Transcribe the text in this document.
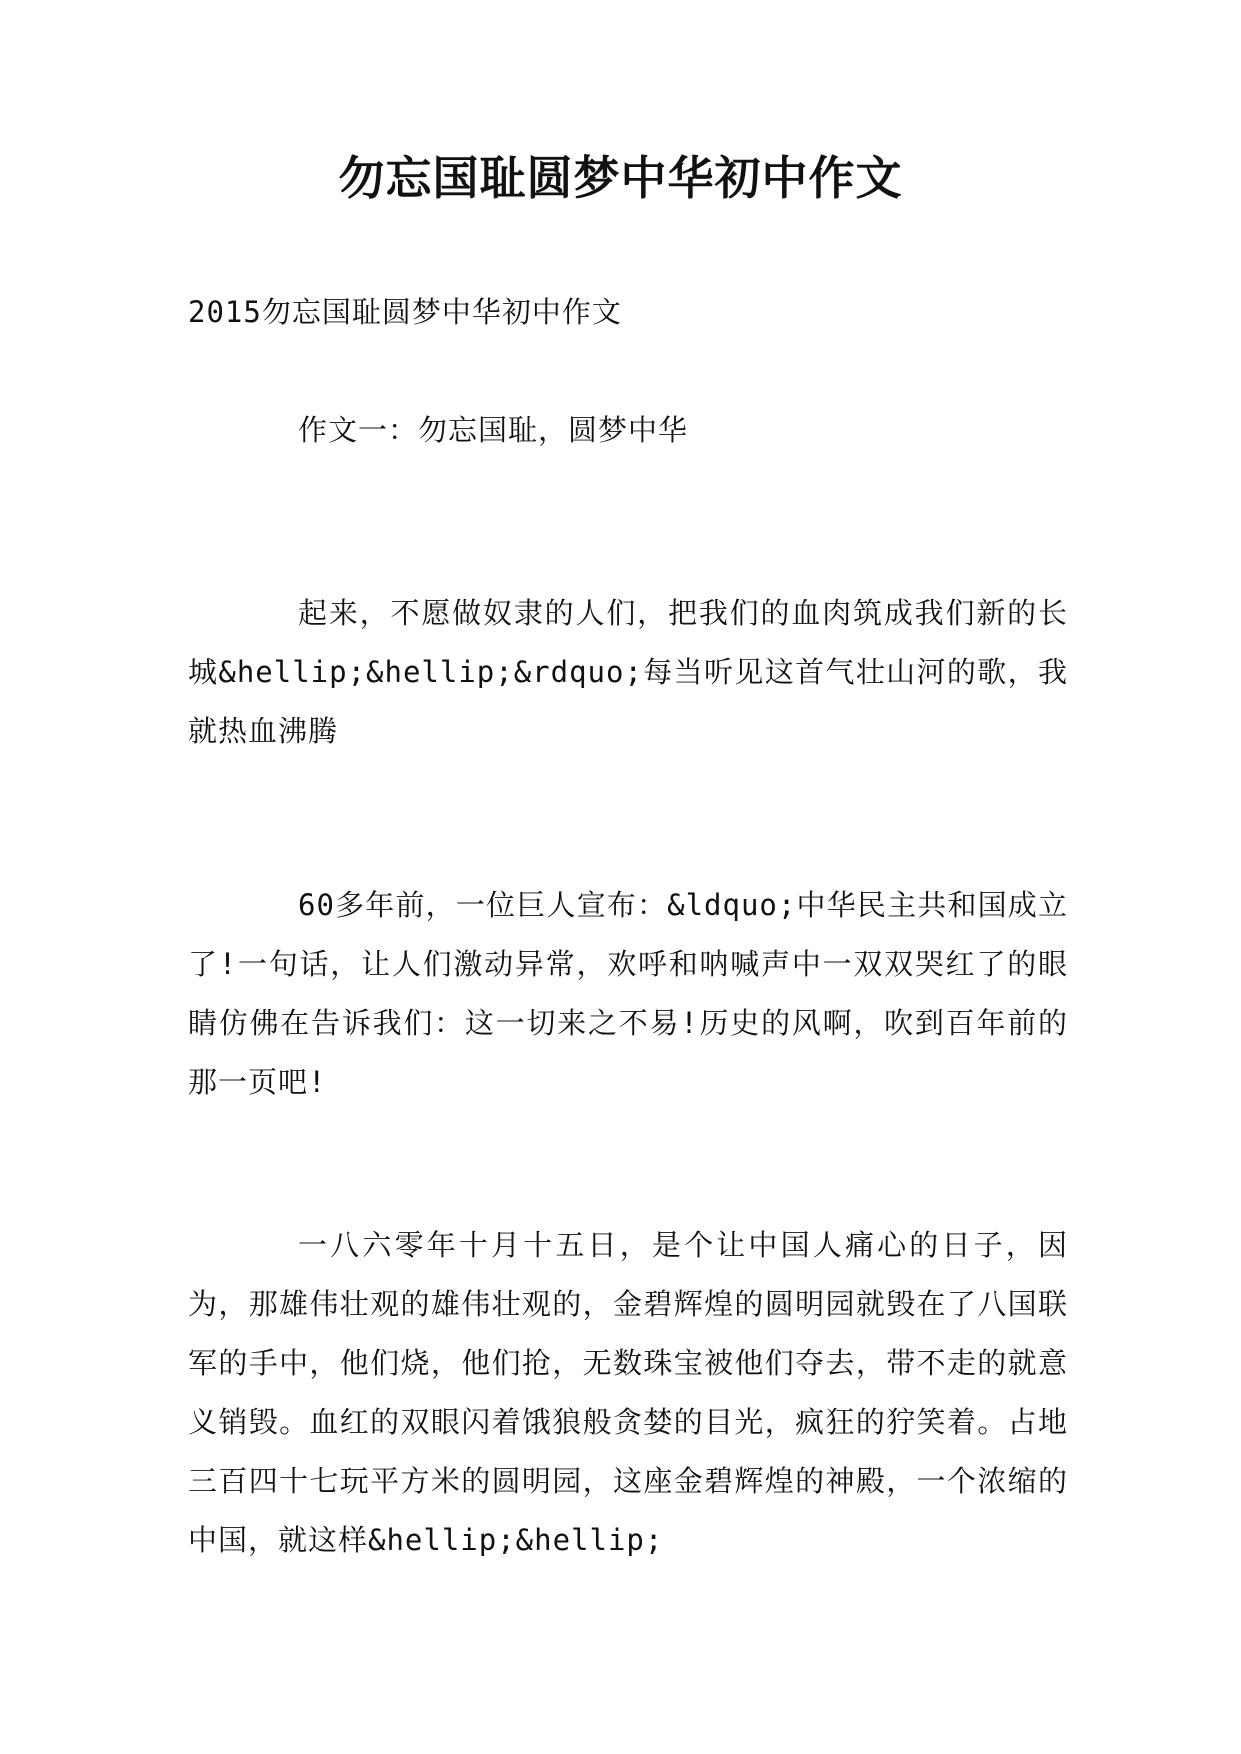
勿忘国耻圆梦中华初中作文

2015勿忘国耻圆梦中华初中作文

作文一：勿忘国耻，圆梦中华

起来，不愿做奴隶的人们，把我们的血肉筑成我们新的长城&hellip;&hellip;&rdquo;每当听见这首气壮山河的歌，我就热血沸腾

60多年前，一位巨人宣布：&ldquo;中华民主共和国成立了!一句话，让人们激动异常，欢呼和呐喊声中一双双哭红了的眼睛仿佛在告诉我们：这一切来之不易!历史的风啊，吹到百年前的那一页吧!

一八六零年十月十五日，是个让中国人痛心的日子，因为，那雄伟壮观的雄伟壮观的，金碧辉煌的圆明园就毁在了八国联军的手中，他们烧，他们抢，无数珠宝被他们夺去，带不走的就意义销毁。血红的双眼闪着饿狼般贪婪的目光，疯狂的狞笑着。占地三百四十七玩平方米的圆明园，这座金碧辉煌的神殿，一个浓缩的中国，就这样&hellip;&hellip;
